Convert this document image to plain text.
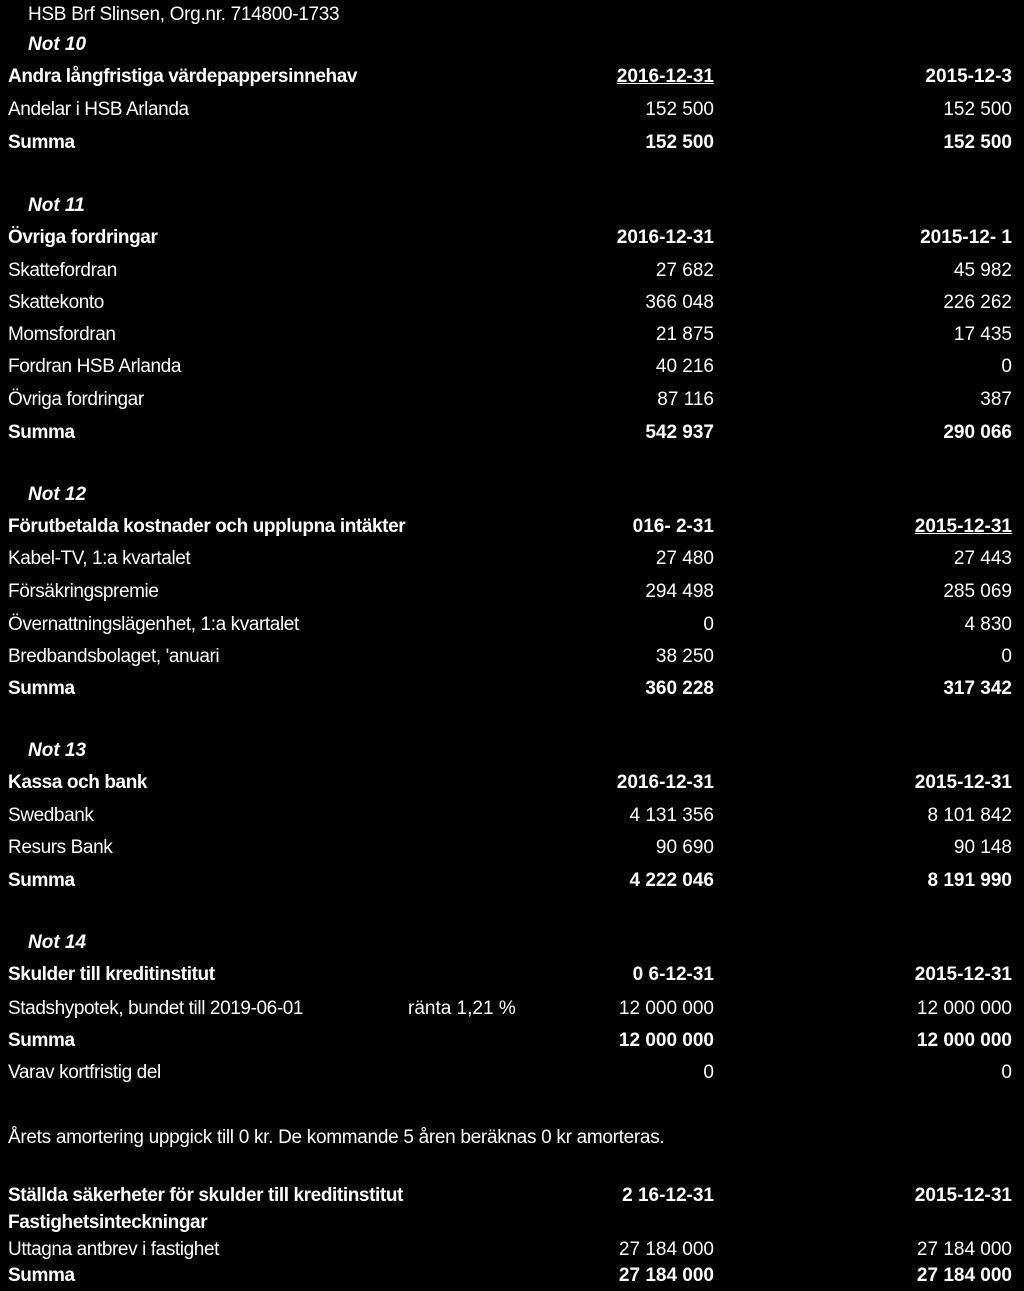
HSB Brf Slinsen, Org.nr. 714800-1733
Not 10
Andra långfristiga värdepappersinnehav	2016-12-31	2015-12-3
Andelar i HSB Arlanda	152 500	152 500
Summa	152 500	152 500
Not 11
Övriga fordringar	2016-12-31	2015-12- 1
Skattefordran	27 682	45 982
Skattekonto	366 048	226 262
Momsfordran	21 875	17 435
Fordran HSB Arlanda	40 216	0
Övriga fordringar	87 116	387
Summa	542 937	290 066
Not 12
Förutbetalda kostnader och upplupna intäkter	016- 2-31	2015-12-31
Kabel-TV, 1:a kvartalet	27 480	27 443
Försäkringspremie	294 498	285 069
Övernattningslägenhet, 1:a kvartalet	0	4 830
Bredbandsbolaget, 'anuari	38 250	0
Summa	360 228	317 342
Not 13
Kassa och bank	2016-12-31	2015-12-31
Swedbank	4 131 356	8 101 842
Resurs Bank	90 690	90 148
Summa	4 222 046	8 191 990
Not 14
Skulder till kreditinstitut	0 6-12-31	2015-12-31
Stadshypotek, bundet till 2019-06-01	ränta 1,21 %	12 000 000	12 000 000
Summa	12 000 000	12 000 000
Varav kortfristig del	0	0
Årets amortering uppgick till 0 kr. De kommande 5 åren beräknas 0 kr amorteras.
Ställda säkerheter för skulder till kreditinstitut	2 16-12-31	2015-12-31
Fastighetsinteckningar
Uttagna antbrev i fastighet	27 184 000	27 184 000
Summa	27 184 000	27 184 000
